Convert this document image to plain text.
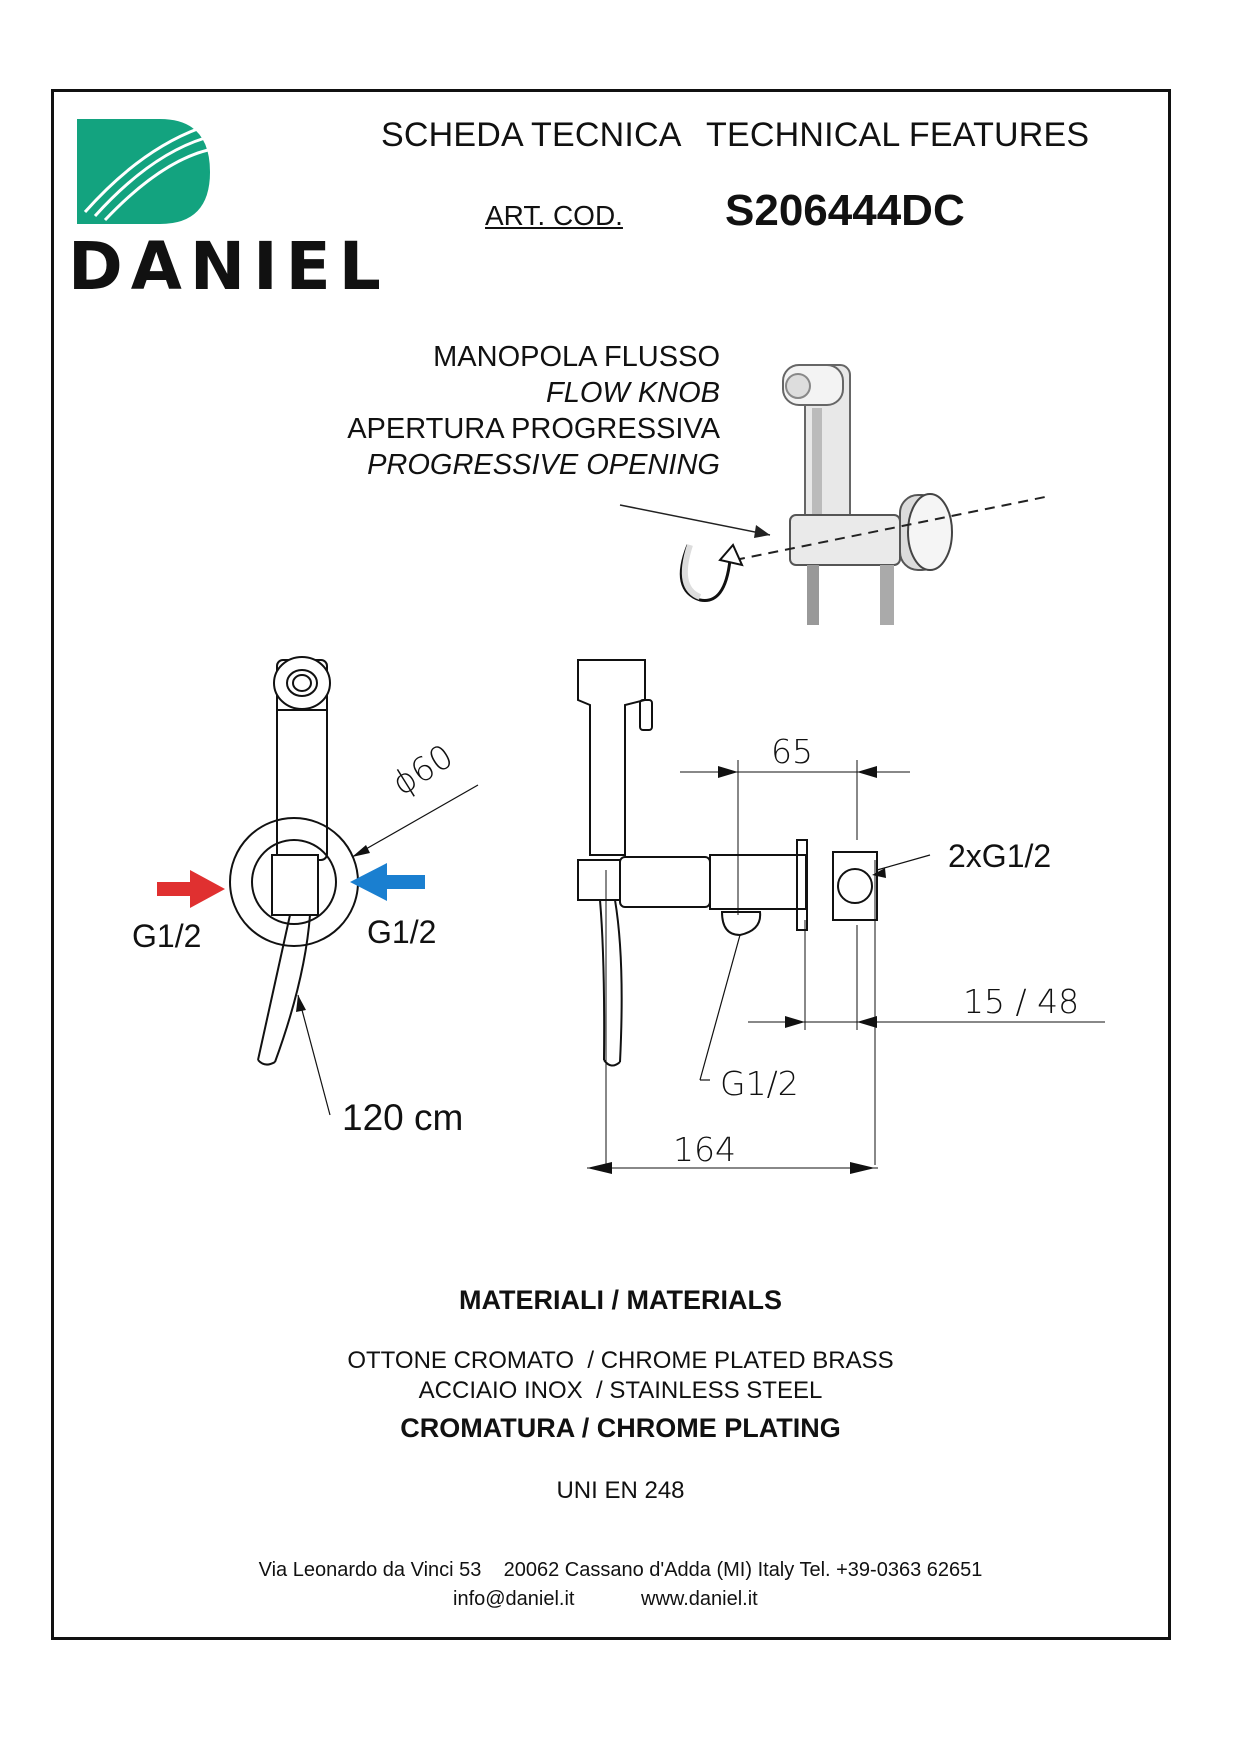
DANIEL
SCHEDA TECNICA TECHNICAL FEATURES
ART. COD. S206444DC
MANOPOLA FLUSSO
FLOW KNOB
APERTURA PROGRESSIVA
PROGRESSIVE OPENING
ϕ60
G1/2	G1/2
120 cm
65
2xG1/2
15 / 48
G1/2
164
MATERIALI / MATERIALS
OTTONE CROMATO  / CHROME PLATED BRASS
ACCIAIO INOX  / STAINLESS STEEL
CROMATURA / CHROME PLATING
UNI EN 248
Via Leonardo da Vinci 53    20062 Cassano d'Adda (MI) Italy Tel. +39-0363 62651
info@daniel.it	www.daniel.it
